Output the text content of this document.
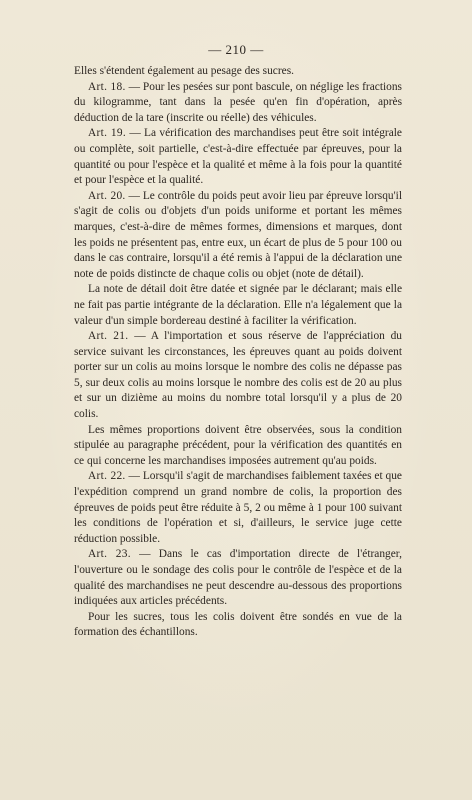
— 210 —

Elles s'étendent également au pesage des sucres.

Art. 18. — Pour les pesées sur pont bascule, on néglige les fractions du kilogramme, tant dans la pesée qu'en fin d'opération, après déduction de la tare (inscrite ou réelle) des véhicules.

Art. 19. — La vérification des marchandises peut être soit intégrale ou complète, soit partielle, c'est-à-dire effectuée par épreuves, pour la quantité ou pour l'espèce et la qualité et même à la fois pour la quantité et pour l'espèce et la qualité.

Art. 20. — Le contrôle du poids peut avoir lieu par épreuve lorsqu'il s'agit de colis ou d'objets d'un poids uniforme et portant les mêmes marques, c'est-à-dire de mêmes formes, dimensions et marques, dont les poids ne présentent pas, entre eux, un écart de plus de 5 pour 100 ou dans le cas contraire, lorsqu'il a été remis à l'appui de la déclaration une note de poids distincte de chaque colis ou objet (note de détail).

La note de détail doit être datée et signée par le déclarant; mais elle ne fait pas partie intégrante de la déclaration. Elle n'a légalement que la valeur d'un simple bordereau destiné à faciliter la vérification.

Art. 21. — A l'importation et sous réserve de l'appréciation du service suivant les circonstances, les épreuves quant au poids doivent porter sur un colis au moins lorsque le nombre des colis ne dépasse pas 5, sur deux colis au moins lorsque le nombre des colis est de 20 au plus et sur un dizième au moins du nombre total lorsqu'il y a plus de 20 colis.

Les mêmes proportions doivent être observées, sous la condition stipulée au paragraphe précédent, pour la vérification des quantités en ce qui concerne les marchandises imposées autrement qu'au poids.

Art. 22. — Lorsqu'il s'agit de marchandises faiblement taxées et que l'expédition comprend un grand nombre de colis, la proportion des épreuves de poids peut être réduite à 5, 2 ou même à 1 pour 100 suivant les conditions de l'opération et si, d'ailleurs, le service juge cette réduction possible.

Art. 23. — Dans le cas d'importation directe de l'étranger, l'ouverture ou le sondage des colis pour le contrôle de l'espèce et de la qualité des marchandises ne peut descendre au-dessous des proportions indiquées aux articles précédents.

Pour les sucres, tous les colis doivent être sondés en vue de la formation des échantillons.
